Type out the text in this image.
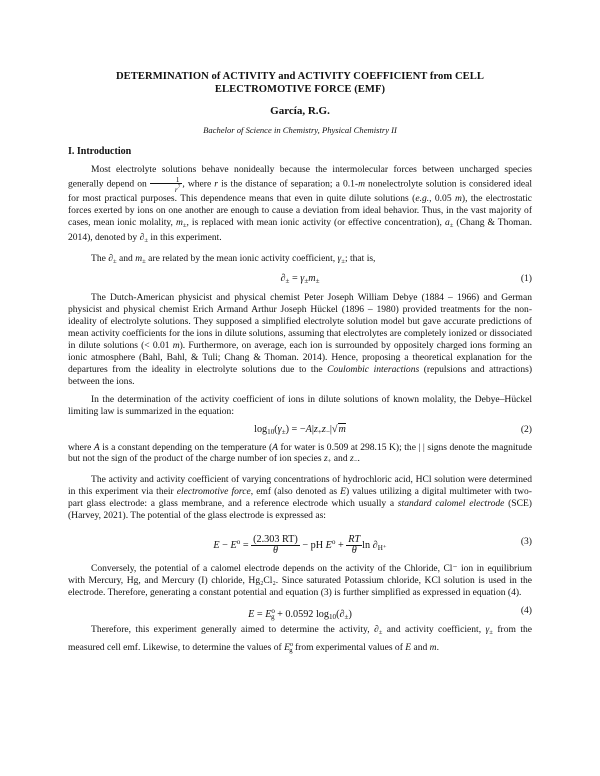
DETERMINATION of ACTIVITY and ACTIVITY COEFFICIENT from CELL
ELECTROMOTIVE FORCE (EMF)
García, R.G.
Bachelor of Science in Chemistry, Physical Chemistry II
I. Introduction

Most electrolyte solutions behave nonideally because the intermolecular forces between uncharged species generally depend on $\frac{1}{r^7}$ , where r is the distance of separation; a 0.1-m nonelectrolyte solution is considered ideal for most practical purposes. This dependence means that even in quite dilute solutions (e.g., 0.05 m), the electrostatic forces exerted by ions on one another are enough to cause a deviation from ideal behavior. Thus, in the vast majority of cases, mean ionic molality, $m_\pm$, is replaced with mean ionic activity (or effective concentration), $a_\pm$ (Chang & Thoman. 2014), denoted by $\partial_\pm$ in this experiment.

The $\partial_\pm$ and $m_\pm$ are related by the mean ionic activity coefficient, $\gamma_\pm$; that is,

$\partial_\pm = \gamma_\pm m_\pm$	(1)

The Dutch-American physicist and physical chemist Peter Joseph William Debye (1884 – 1966) and German physicist and physical chemist Erich Armand Arthur Joseph Hückel (1896 – 1980) provided treatments for the non-ideality of electrolyte solutions. They supposed a simplified electrolyte solution model but gave accurate predictions of mean activity coefficients for the ions in dilute solutions, assuming that electrolytes are completely ionized or dissociated in dilute solutions (< 0.01 m). Furthermore, on average, each ion is surrounded by oppositely charged ions forming an ionic atmosphere (Bahl, Bahl, & Tuli; Chang & Thoman. 2014). Hence, proposing a theoretical explanation for the departures from the ideality in electrolyte solutions due to the Coulombic interactions (repulsions and attractions) between the ions.

In the determination of the activity coefficient of ions in dilute solutions of known molality, the Debye–Hückel limiting law is summarized in the equation:

$\log_{10}(\gamma_\pm) = -A|z_+z_-|√m$	(2)

where A is a constant depending on the temperature (A for water is 0.509 at 298.15 K); the | | signs denote the magnitude but not the sign of the product of the charge number of ion species $z_+$ and $z_-$.

The activity and activity coefficient of varying concentrations of hydrochloric acid, HCl solution were determined in this experiment via their electromotive force, emf (also denoted as E) values utilizing a digital multimeter with two-part glass electrode: a glass membrane, and a reference electrode which usually a standard calomel electrode (SCE) (Harvey, 2021). The potential of the glass electrode is expressed as:

$E - E^o = \frac{(2.303 RT)}{\theta}$ − pH $E^o + \frac{RT}{\theta}$ $\ln \partial_{H^+}$
(3)

Conversely, the potential of a calomel electrode depends on the activity of the Chloride, Cl⁻ ion in equilibrium with Mercury, Hg, and Mercury (I) chloride, Hg₂Cl₂. Since saturated Potassium chloride, KCl solution is used in the electrode. Therefore, generating a constant potential and equation (3) is further simplified as expressed in equation (4).

$E = E^o_g + 0.0592$ $\log_{10}(\partial_\pm)$	(4)

Therefore, this experiment generally aimed to determine the activity, $\partial_\pm$ and activity coefficient, $\gamma_\pm$ from the measured cell emf. Likewise, to determine the values of $E^o_g$ from experimental values of E and m.
